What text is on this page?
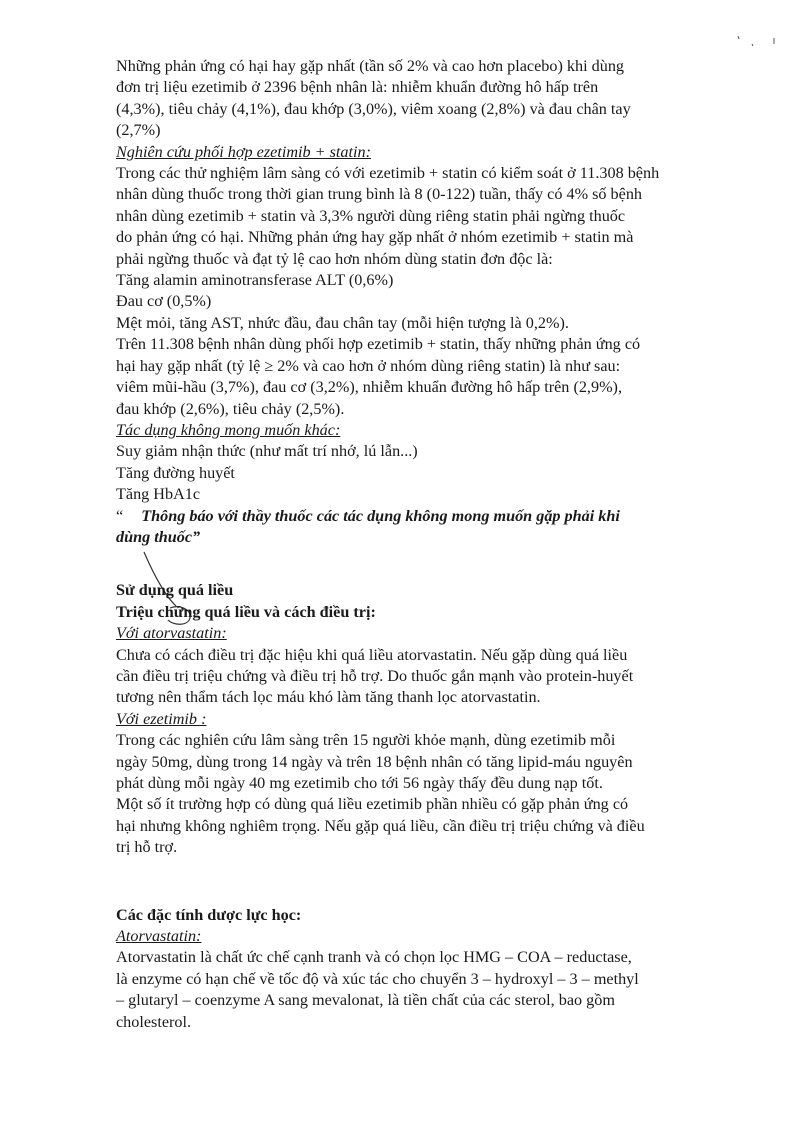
Những phản ứng có hại hay gặp nhất (tần số 2% và cao hơn placebo) khi dùng

đơn trị liệu ezetimib ở 2396 bệnh nhân là: nhiễm khuẩn đường hô hấp trên

(4,3%), tiêu chảy (4,1%), đau khớp (3,0%), viêm xoang (2,8%) và đau chân tay

(2,7%)

Nghiên cứu phối hợp ezetimib + statin:

Trong các thử nghiệm lâm sàng có với ezetimib + statin có kiểm soát ở 11.308 bệnh

nhân dùng thuốc trong thời gian trung bình là 8 (0-122) tuần, thấy có 4% số bệnh

nhân dùng ezetimib + statin và 3,3% người dùng riêng statin phải ngừng thuốc

do phản ứng có hại. Những phản ứng hay gặp nhất ở nhóm ezetimib + statin mà

phải ngừng thuốc và đạt tỷ lệ cao hơn nhóm dùng statin đơn độc là:

Tăng alamin aminotransferase ALT (0,6%)

Đau cơ (0,5%)

Mệt mỏi, tăng AST, nhức đầu, đau chân tay (mỗi hiện tượng là 0,2%).

Trên 11.308 bệnh nhân dùng phối hợp ezetimib + statin, thấy những phản ứng có

hại hay gặp nhất (tỷ lệ ≥ 2% và cao hơn ở nhóm dùng riêng statin) là như sau:

viêm mũi-hầu (3,7%), đau cơ (3,2%), nhiễm khuẩn đường hô hấp trên (2,9%),

đau khớp (2,6%), tiêu chảy (2,5%).

Tác dụng không mong muốn khác:

Suy giảm nhận thức (như mất trí nhớ, lú lẫn...)

Tăng đường huyết

Tăng HbA1c

“ Thông báo với thầy thuốc các tác dụng không mong muốn gặp phải khi

dùng thuốc”

Sử dụng quá liều

Triệu chứng quá liều và cách điều trị:

Với atorvastatin:

Chưa có cách điều trị đặc hiệu khi quá liều atorvastatin. Nếu gặp dùng quá liều

cần điều trị triệu chứng và điều trị hỗ trợ. Do thuốc gắn mạnh vào protein-huyết

tương nên thẩm tách lọc máu khó làm tăng thanh lọc atorvastatin.

Với ezetimib :

Trong các nghiên cứu lâm sàng trên 15 người khỏe mạnh, dùng ezetimib mỗi

ngày 50mg, dùng trong 14 ngày và trên 18 bệnh nhân có tăng lipid-máu nguyên

phát dùng mỗi ngày 40 mg ezetimib cho tới 56 ngày thấy đều dung nạp tốt.

Một số ít trường hợp có dùng quá liều ezetimib phần nhiều có gặp phản ứng có

hại nhưng không nghiêm trọng. Nếu gặp quá liều, cần điều trị triệu chứng và điều

trị hỗ trợ.

Các đặc tính dược lực học:

Atorvastatin:

Atorvastatin là chất ức chế cạnh tranh và có chọn lọc HMG – COA – reductase,

là enzyme có hạn chế về tốc độ và xúc tác cho chuyển 3 – hydroxyl – 3 – methyl

– glutaryl – coenzyme A sang mevalonat, là tiền chất của các sterol, bao gồm

cholesterol.
